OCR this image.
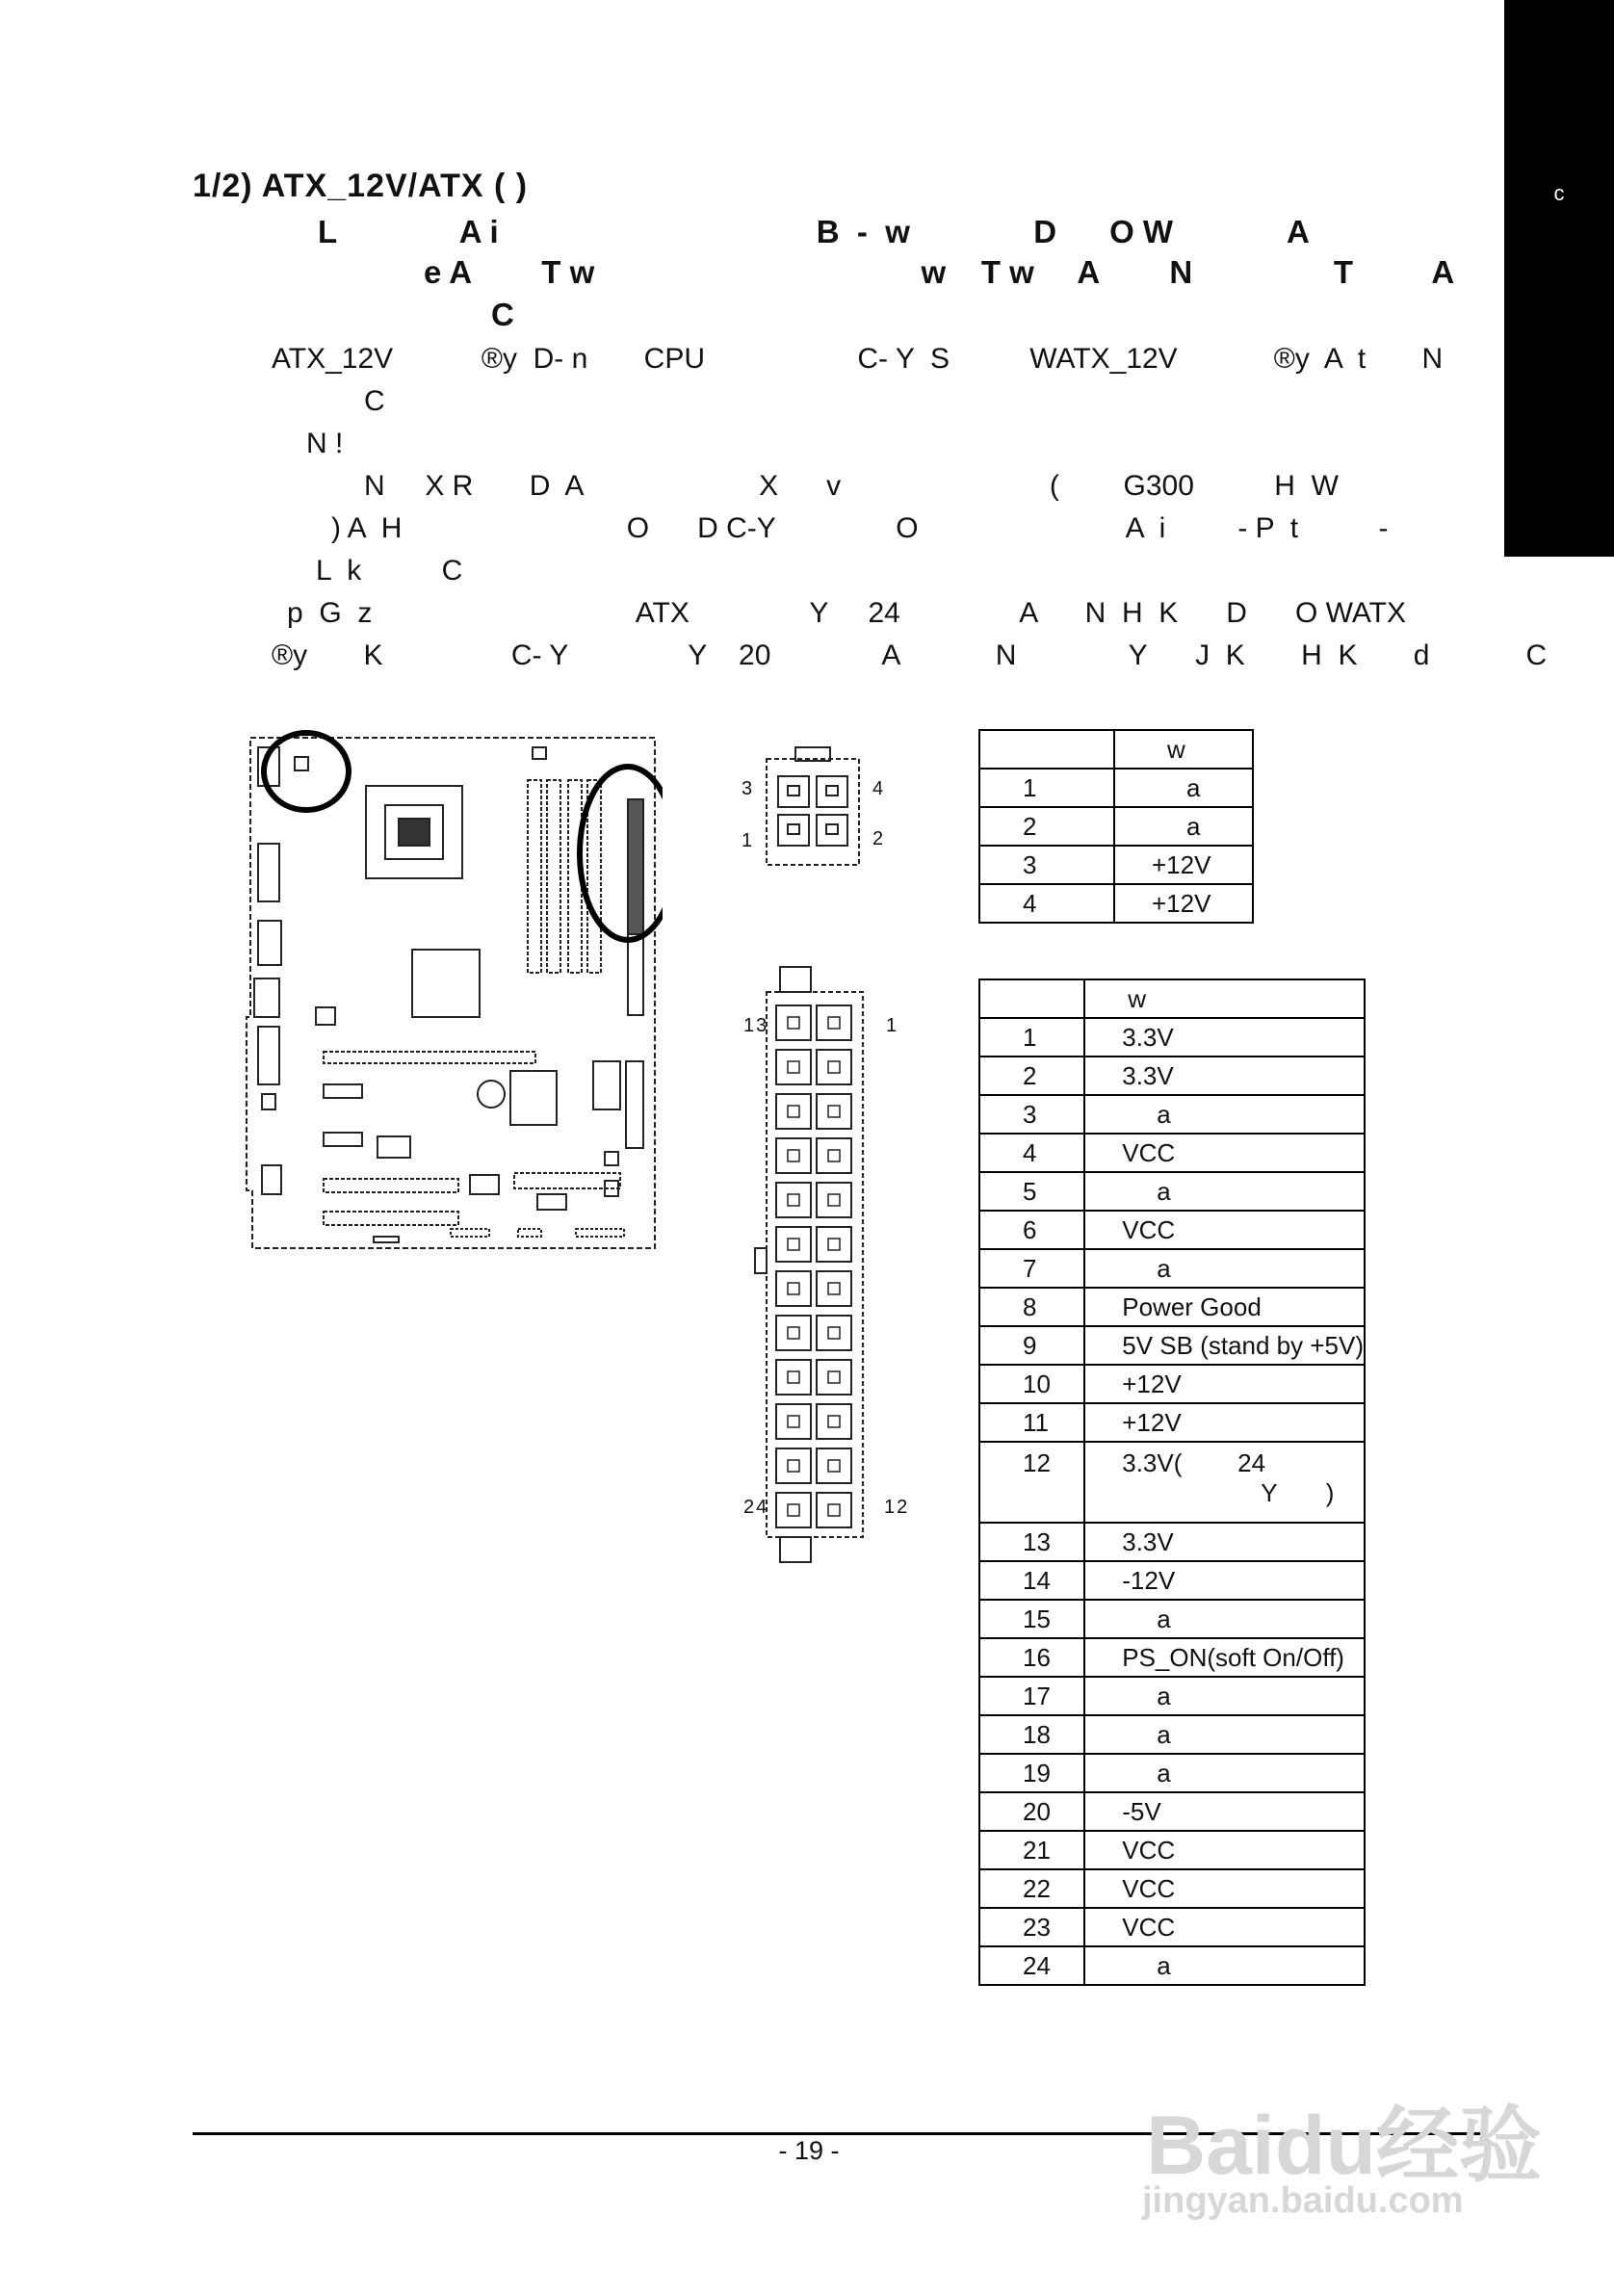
c
1/2) ATX_12V/ATX ( )
L              A i                                    B  -  w              D      O W             A
e A        T w                                     w    T w     A        N                T         A
C
ATX_12V           ®y  D- n       CPU                   C- Y  S          WATX_12V            ®y  A  t       N
C
N !
N     X R       D  A                      X      v                          (        G300          H  W
) A  H                            O      D C-Y               O                          A  i         - P  t          -
L  k          C
p  G  z                                 ATX               Y     24               A      N  H  K      D      O WATX
®y       K                C- Y               Y    20              A            N              Y      J  K       H  K       d            C
3	4
1	2
13	1
24	12
	w
1	a
2	a
3	+12V
4	+12V
	w
1	3.3V
2	3.3V
3	a
4	VCC
5	a
6	VCC
7	a
8	Power Good
9	5V SB (stand by +5V)
10	+12V
11	+12V
12	3.3V(        24
Y       )
13	3.3V
14	-12V
15	a
16	PS_ON(soft On/Off)
17	a
18	a
19	a
20	-5V
21	VCC
22	VCC
23	VCC
24	a
- 19 -	Baidu经验
jingyan.baidu.com
